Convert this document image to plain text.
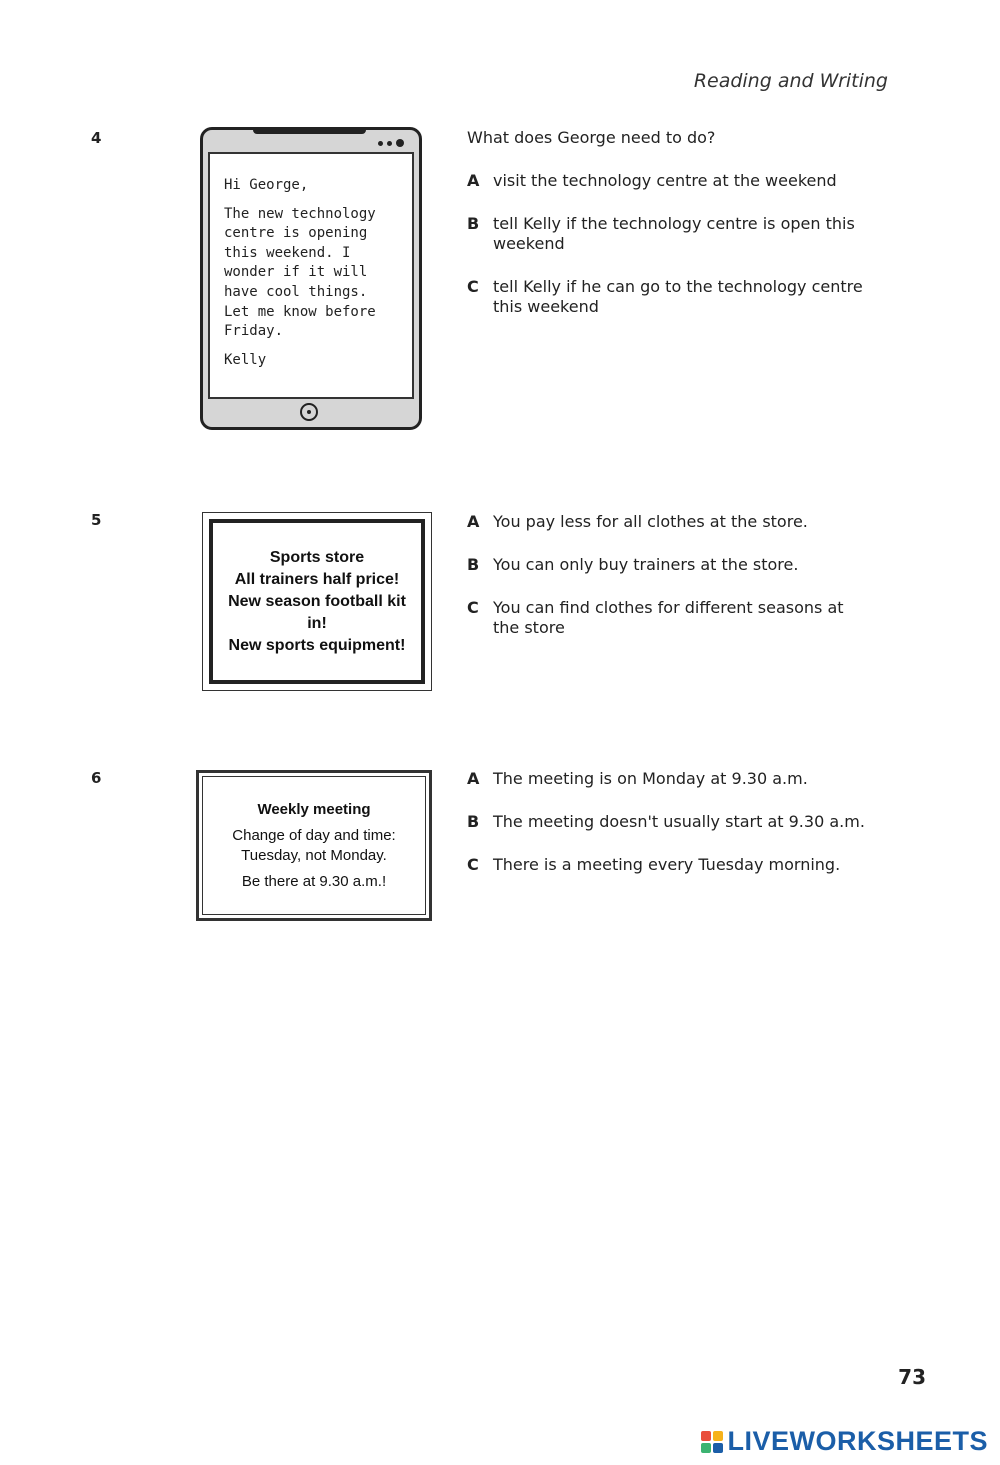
Reading and Writing
4

Hi George,

The new technology centre is opening this weekend. I wonder if it will have cool things. Let me know before Friday.

Kelly

What does George need to do?
A visit the technology centre at the weekend
B tell Kelly if the technology centre is open this weekend
C tell Kelly if he can go to the technology centre this weekend
5
Sports store
All trainers half price!
New season football kit in!
New sports equipment!
A You pay less for all clothes at the store.
B You can only buy trainers at the store.
C You can find clothes for different seasons at the store
6
Weekly meeting
Change of day and time: Tuesday, not Monday.
Be there at 9.30 a.m.!
A The meeting is on Monday at 9.30 a.m.
B The meeting doesn't usually start at 9.30 a.m.
C There is a meeting every Tuesday morning.
73
LIVEWORKSHEETS
